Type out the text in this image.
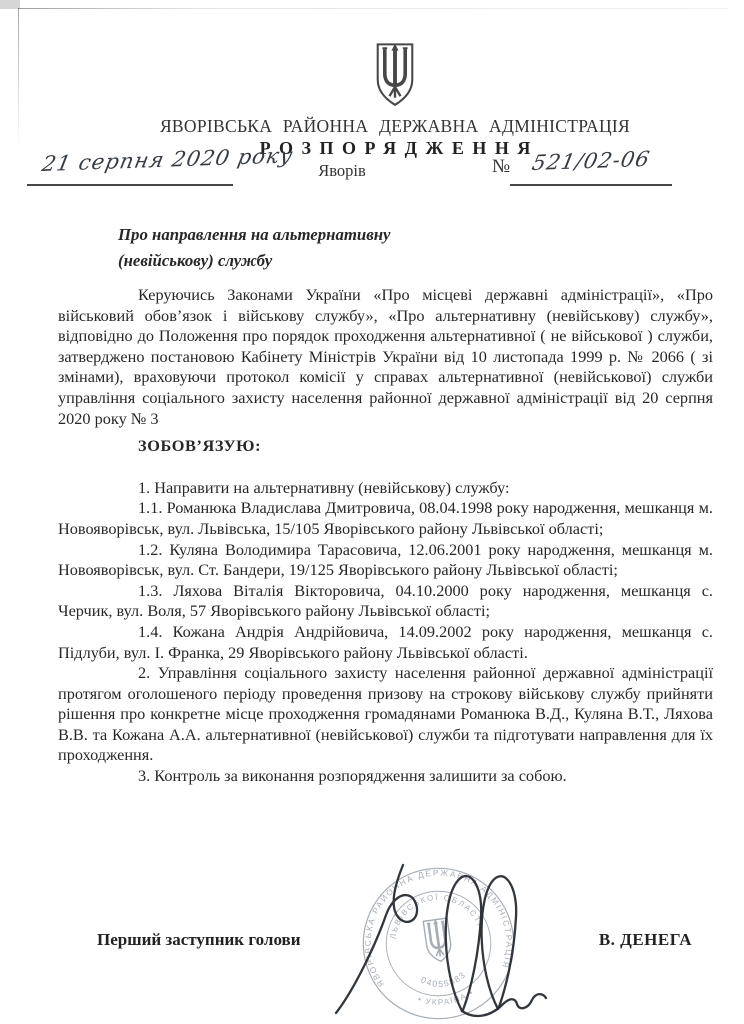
ЯВОРІВСЬКА РАЙОННА ДЕРЖАВНА АДМІНІСТРАЦІЯ
РОЗПОРЯДЖЕННЯ
21 серпня 2020 року	Яворів	№ 521/02-06

Про направлення на альтернативну
(невійськову) службу

Керуючись Законами України «Про місцеві державні адміністрації», «Про військовий обов’язок і військову службу», «Про альтернативну (невійськову) службу», відповідно до Положення про порядок проходження альтернативної ( не військової ) служби, затверджено постановою Кабінету Міністрів України від 10 листопада 1999 р. № 2066 ( зі змінами), враховуючи протокол комісії у справах альтернативної (невійськової) служби управління соціального захисту населення районної державної адміністрації від 20 серпня 2020 року № 3

ЗОБОВ’ЯЗУЮ:

1. Направити на альтернативну (невійськову) службу:

1.1. Романюка Владислава Дмитровича, 08.04.1998 року народження, мешканця м. Новояворівськ, вул. Львівська, 15/105 Яворівського району Львівської області;

1.2. Куляна Володимира Тарасовича, 12.06.2001 року народження, мешканця м. Новояворівськ, вул. Ст. Бандери, 19/125 Яворівського району Львівської області;

1.3. Ляхова Віталія Вікторовича, 04.10.2000 року народження, мешканця с. Черчик, вул. Воля, 57 Яворівського району Львівської області;

1.4. Кожана Андрія Андрійовича, 14.09.2002 року народження, мешканця с. Підлуби, вул. І. Франка, 29 Яворівського району Львівської області.

2. Управління соціального захисту населення районної державної адміністрації протягом оголошеного періоду проведення призову на строкову військову службу прийняти рішення про конкретне місце проходження громадянами Романюка В.Д., Куляна В.Т., Ляхова В.В. та Кожана А.А. альтернативної (невійськової) служби та підготувати направлення для їх проходження.

3. Контроль за виконання розпорядження залишити за собою.

Перший заступник голови	В. ДЕНЕГА
ЯВОРІВСЬКА РАЙОННА ДЕРЖАВНА АДМІНІСТРАЦІЯ
ЛЬВІВСЬКОЇ ОБЛАСТІ
04055883
• УКРАЇНА •
